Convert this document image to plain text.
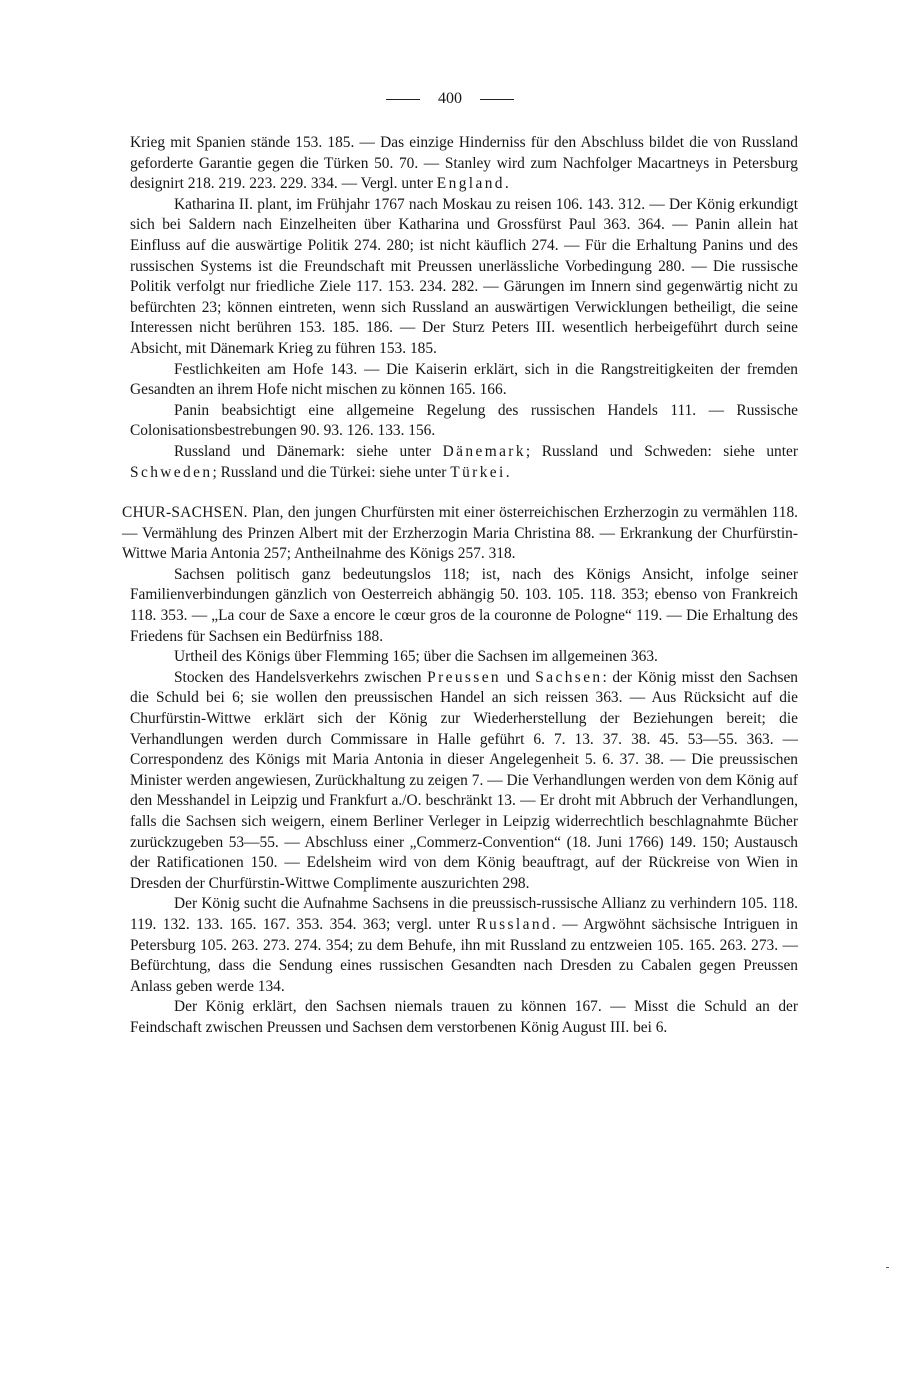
400

Krieg mit Spanien stände 153. 185. — Das einzige Hinderniss für den Abschluss bildet die von Russland geforderte Garantie gegen die Türken 50. 70. — Stanley wird zum Nachfolger Macartneys in Petersburg designirt 218. 219. 223. 229. 334. — Vergl. unter England.

Katharina II. plant, im Frühjahr 1767 nach Moskau zu reisen 106. 143. 312. — Der König erkundigt sich bei Saldern nach Einzelheiten über Katharina und Grossfürst Paul 363. 364. — Panin allein hat Einfluss auf die auswärtige Politik 274. 280; ist nicht käuflich 274. — Für die Erhaltung Panins und des russischen Systems ist die Freundschaft mit Preussen unerlässliche Vorbedingung 280. — Die russische Politik verfolgt nur friedliche Ziele 117. 153. 234. 282. — Gärungen im Innern sind gegenwärtig nicht zu befürchten 23; können eintreten, wenn sich Russland an auswärtigen Verwicklungen betheiligt, die seine Interessen nicht berühren 153. 185. 186. — Der Sturz Peters III. wesentlich herbeigeführt durch seine Absicht, mit Dänemark Krieg zu führen 153. 185.

Festlichkeiten am Hofe 143. — Die Kaiserin erklärt, sich in die Rangstreitigkeiten der fremden Gesandten an ihrem Hofe nicht mischen zu können 165. 166.

Panin beabsichtigt eine allgemeine Regelung des russischen Handels 111. — Russische Colonisationsbestrebungen 90. 93. 126. 133. 156.

Russland und Dänemark: siehe unter Dänemark; Russland und Schweden: siehe unter Schweden; Russland und die Türkei: siehe unter Türkei.

CHUR-SACHSEN. Plan, den jungen Churfürsten mit einer österreichischen Erzherzogin zu vermählen 118. — Vermählung des Prinzen Albert mit der Erzherzogin Maria Christina 88. — Erkrankung der Churfürstin-Wittwe Maria Antonia 257; Antheilnahme des Königs 257. 318.

Sachsen politisch ganz bedeutungslos 118; ist, nach des Königs Ansicht, infolge seiner Familienverbindungen gänzlich von Oesterreich abhängig 50. 103. 105. 118. 353; ebenso von Frankreich 118. 353. — „La cour de Saxe a encore le cœur gros de la couronne de Pologne“ 119. — Die Erhaltung des Friedens für Sachsen ein Bedürfniss 188.

Urtheil des Königs über Flemming 165; über die Sachsen im allgemeinen 363.

Stocken des Handelsverkehrs zwischen Preussen und Sachsen: der König misst den Sachsen die Schuld bei 6; sie wollen den preussischen Handel an sich reissen 363. — Aus Rücksicht auf die Churfürstin-Wittwe erklärt sich der König zur Wiederherstellung der Beziehungen bereit; die Verhandlungen werden durch Commissare in Halle geführt 6. 7. 13. 37. 38. 45. 53—55. 363. — Correspondenz des Königs mit Maria Antonia in dieser Angelegenheit 5. 6. 37. 38. — Die preussischen Minister werden angewiesen, Zurückhaltung zu zeigen 7. — Die Verhandlungen werden von dem König auf den Messhandel in Leipzig und Frankfurt a./O. beschränkt 13. — Er droht mit Abbruch der Verhandlungen, falls die Sachsen sich weigern, einem Berliner Verleger in Leipzig widerrechtlich beschlagnahmte Bücher zurückzugeben 53—55. — Abschluss einer „Commerz-Convention“ (18. Juni 1766) 149. 150; Austausch der Ratificationen 150. — Edelsheim wird von dem König beauftragt, auf der Rückreise von Wien in Dresden der Churfürstin-Wittwe Complimente auszurichten 298.

Der König sucht die Aufnahme Sachsens in die preussisch-russische Allianz zu verhindern 105. 118. 119. 132. 133. 165. 167. 353. 354. 363; vergl. unter Russland. — Argwöhnt sächsische Intriguen in Petersburg 105. 263. 273. 274. 354; zu dem Behufe, ihn mit Russland zu entzweien 105. 165. 263. 273. — Befürchtung, dass die Sendung eines russischen Gesandten nach Dresden zu Cabalen gegen Preussen Anlass geben werde 134.

Der König erklärt, den Sachsen niemals trauen zu können 167. — Misst die Schuld an der Feindschaft zwischen Preussen und Sachsen dem verstorbenen König August III. bei 6.
